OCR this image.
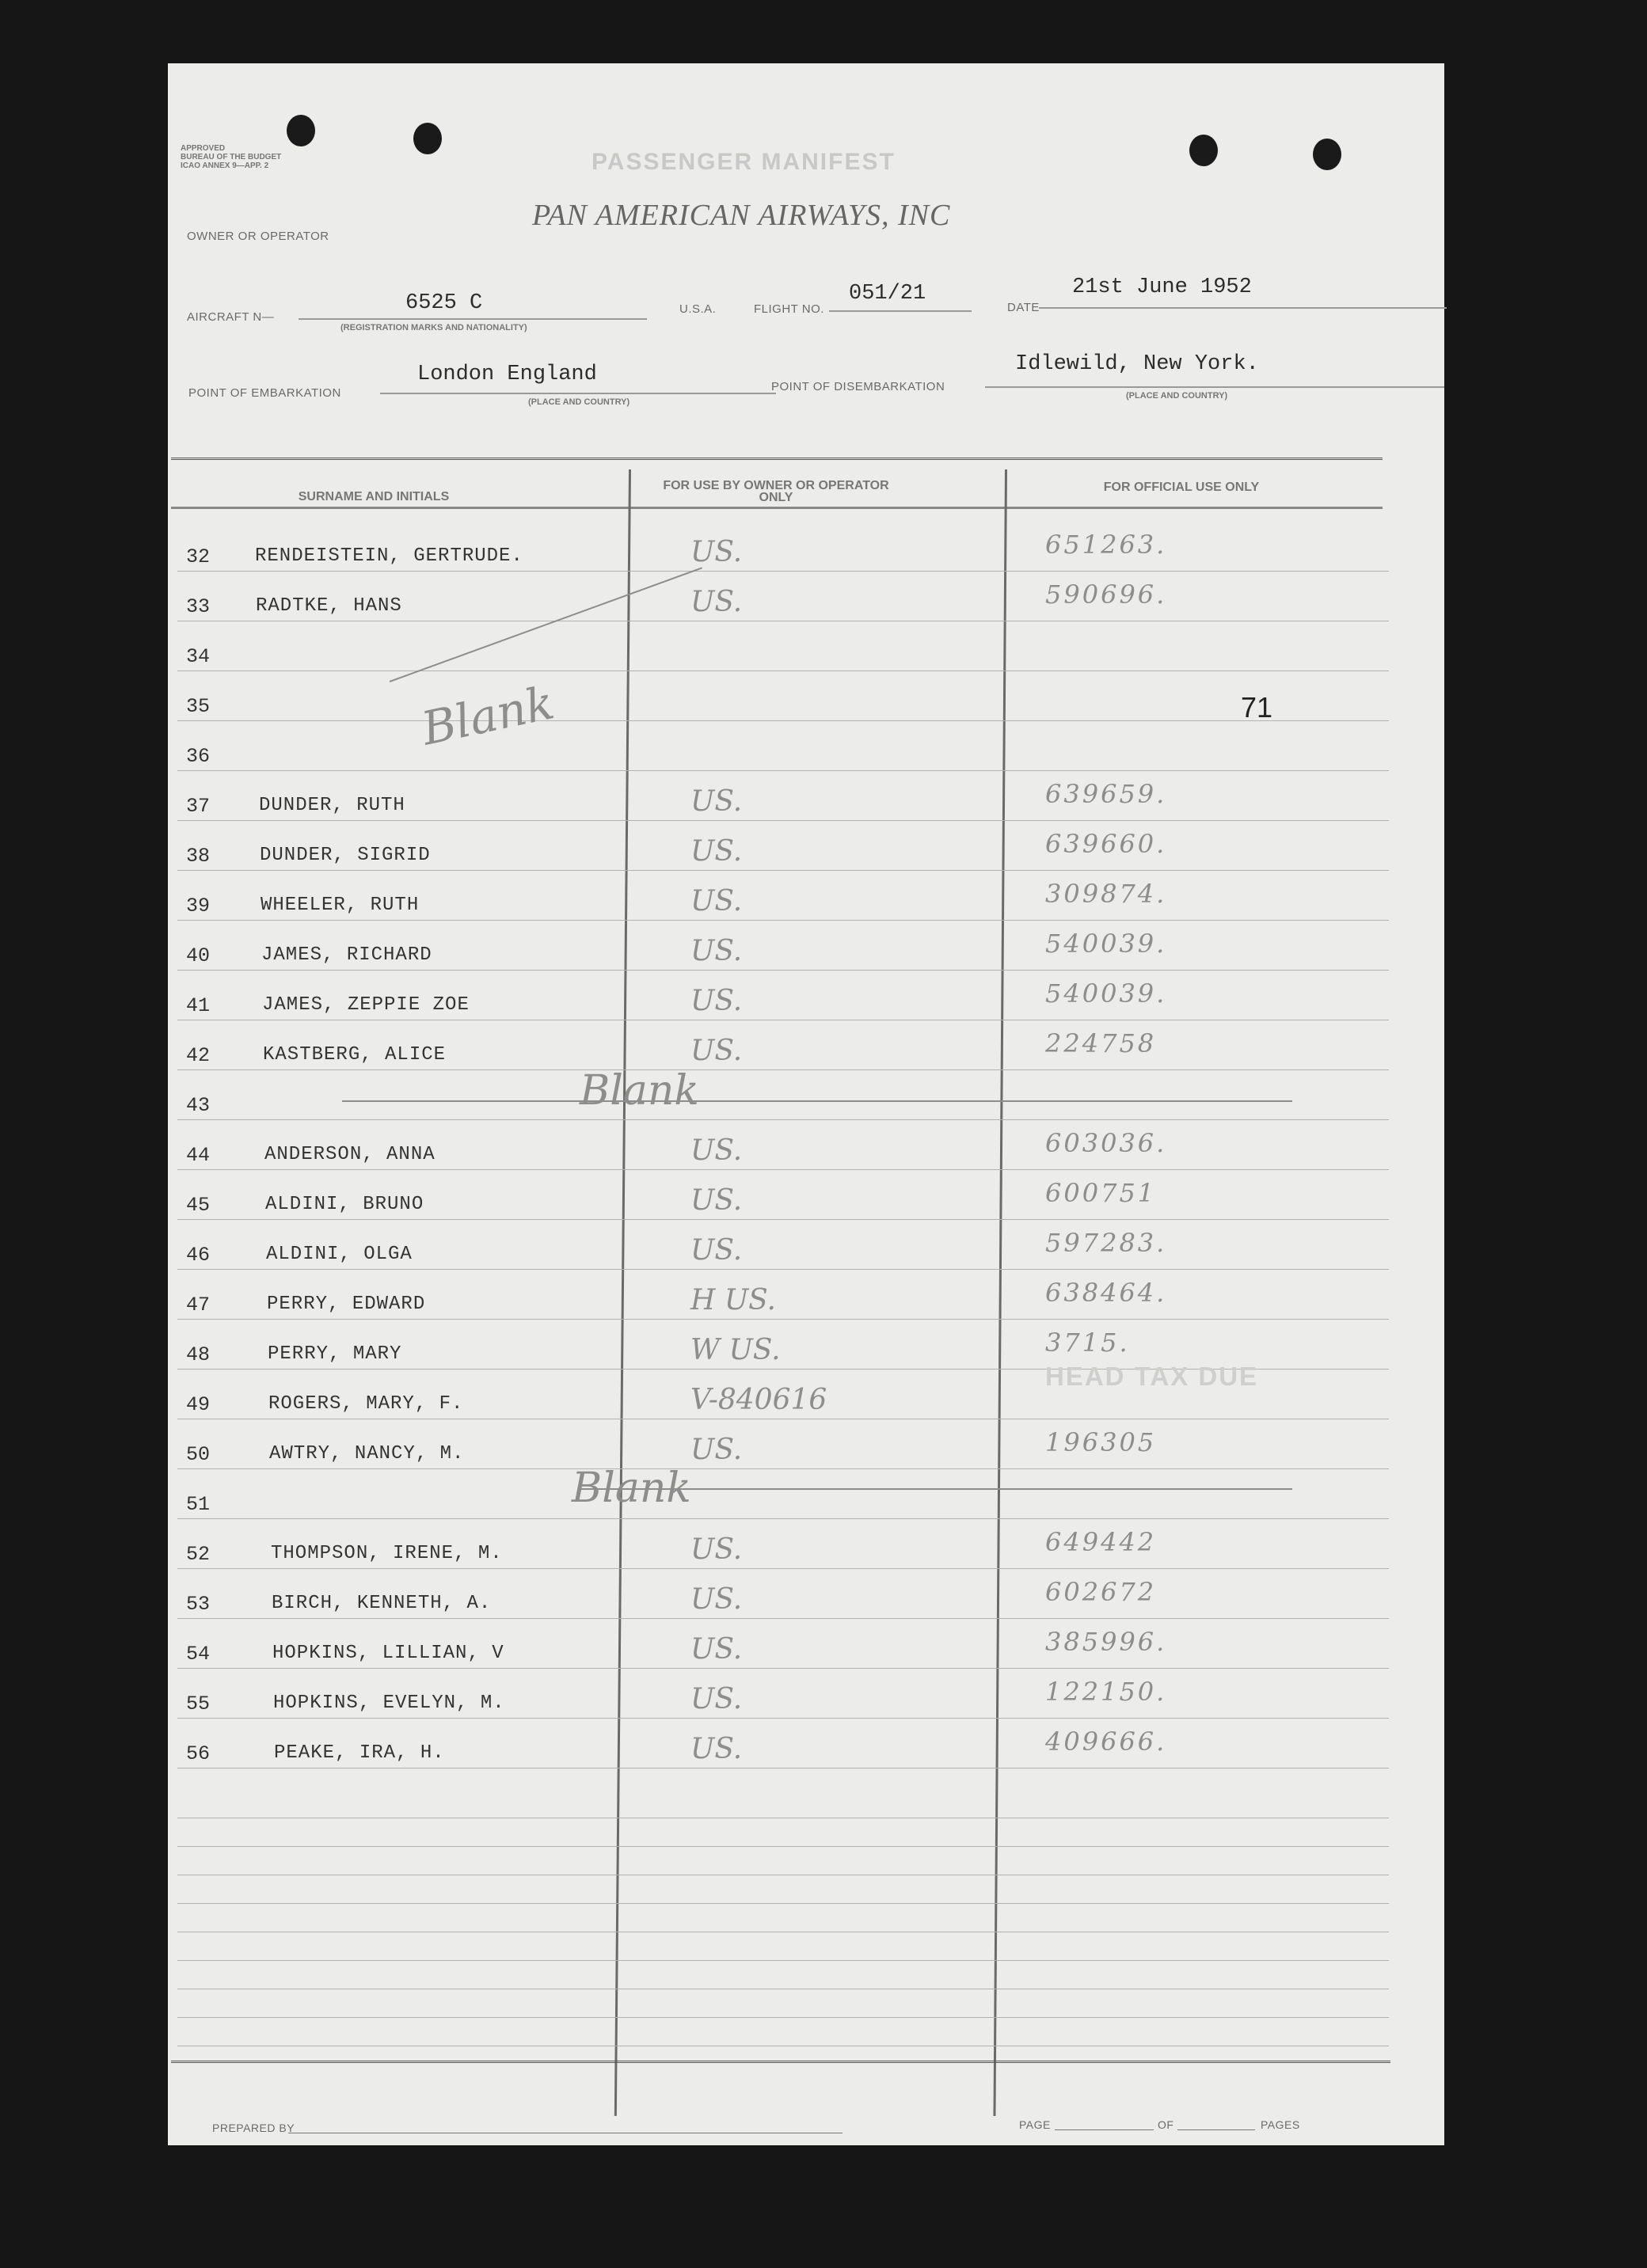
APPROVED
BUREAU OF THE BUDGET
ICAO ANNEX 9—APP. 2	PASSENGER MANIFEST
OWNER OR OPERATOR
PAN AMERICAN AIRWAYS, INC
AIRCRAFT N—
6525 C
(REGISTRATION MARKS AND NATIONALITY)
U.S.A.	FLIGHT NO.
051/21
DATE
21st June 1952
POINT OF EMBARKATION
London England
(PLACE AND COUNTRY)
POINT OF DISEMBARKATION
Idlewild, New York.
(PLACE AND COUNTRY)
SURNAME AND INITIALS
FOR USE BY OWNER OR OPERATOR ONLY
FOR OFFICIAL USE ONLY
32	RENDEISTEIN, GERTRUDE.	US.	651263.
33	RADTKE, HANS	US.	590696.
34
35
36
37	DUNDER, RUTH	US.	639659.
38	DUNDER, SIGRID	US.	639660.
39	WHEELER, RUTH	US.	309874.
40	JAMES, RICHARD	US.	540039.
41	JAMES, ZEPPIE ZOE	US.	540039.
42	KASTBERG, ALICE	US.	224758
43
44	ANDERSON, ANNA	US.	603036.
45	ALDINI, BRUNO	US.	600751
46	ALDINI, OLGA	US.	597283.
47	PERRY, EDWARD	H US.	638464.
48	PERRY, MARY	W US.	3715.
49	ROGERS, MARY, F.	V-840616
50	AWTRY, NANCY, M.	US.	196305
51
52	THOMPSON, IRENE, M.	US.	649442
53	BIRCH, KENNETH, A.	US.	602672
54	HOPKINS, LILLIAN, V	US.	385996.
55	HOPKINS, EVELYN, M.	US.	122150.
56	PEAKE, IRA, H.	US.	409666.
Blank
Blank
Blank
71
HEAD TAX DUE
PREPARED BY	PAGE	OF	PAGES
